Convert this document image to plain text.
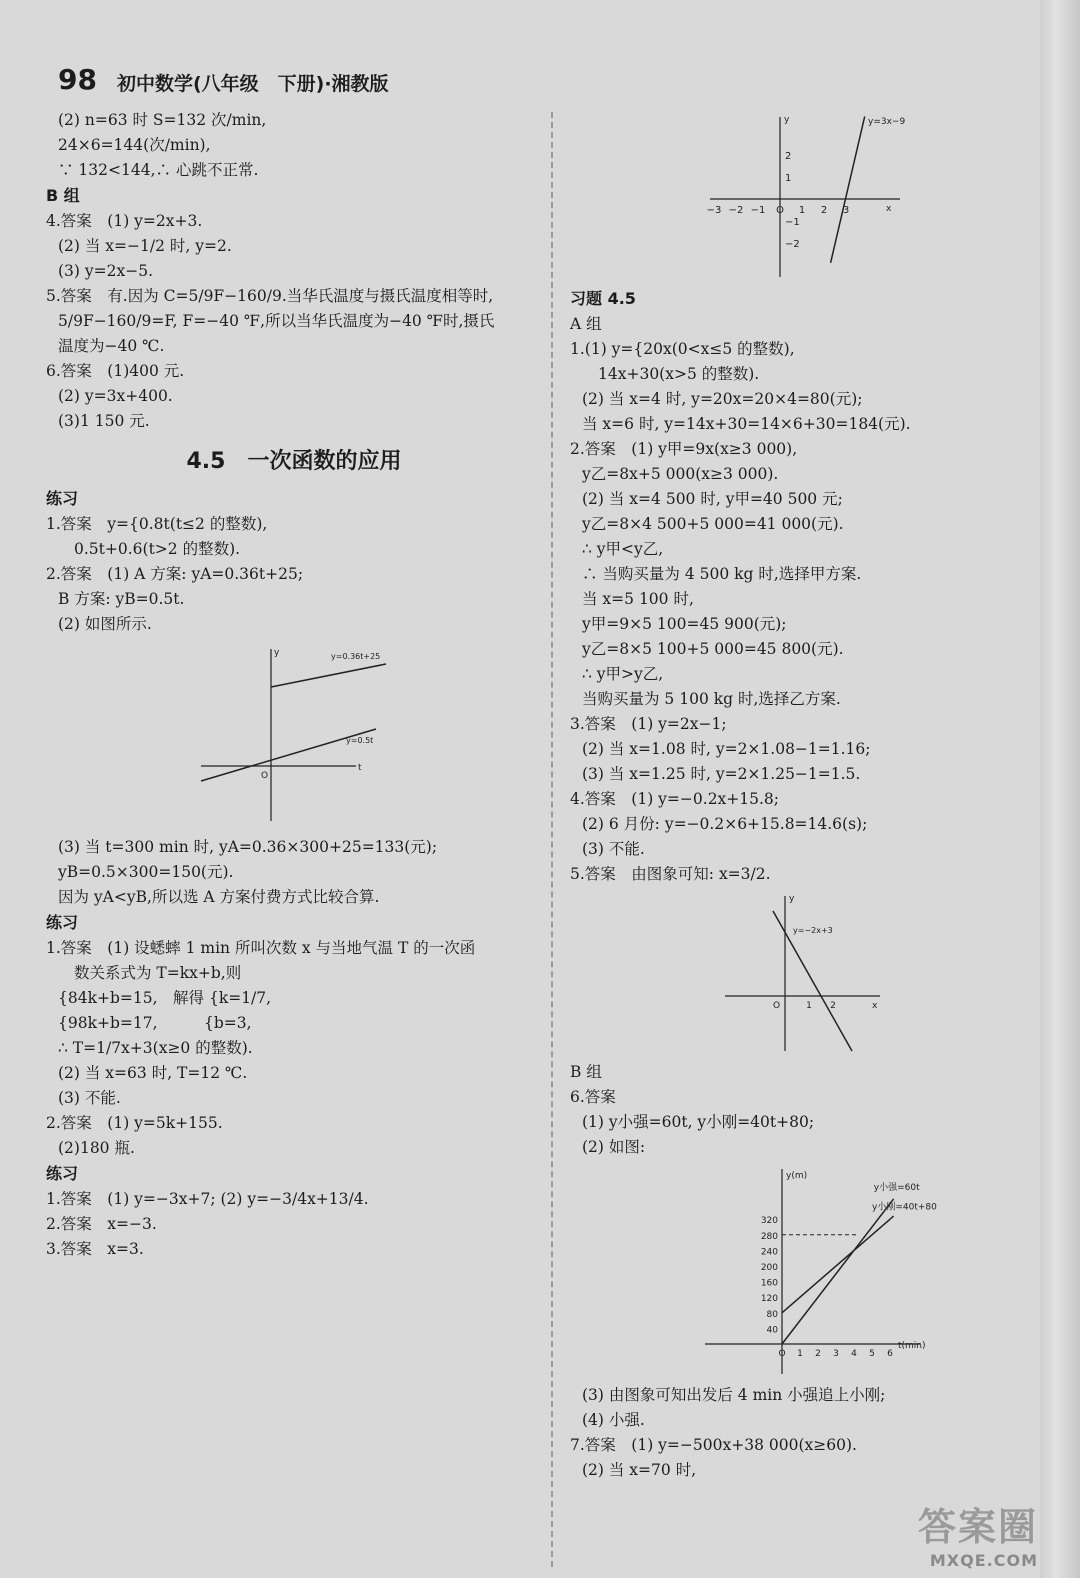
98 初中数学(八年级　下册)·湘教版
(2) n=63 时 S=132 次/min,
24×6=144(次/min),
∵ 132<144,∴ 心跳不正常.
B 组
4.答案　(1) y=2x+3.
(2) 当 x=−1/2 时, y=2.
(3) y=2x−5.
5.答案　有.因为 C=5/9F−160/9.当华氏温度与摄氏温度相等时,
5/9F−160/9=F, F=−40 ℉,所以当华氏温度为−40 ℉时,摄氏
温度为−40 ℃.
6.答案　(1)400 元.
(2) y=3x+400.
(3)1 150 元.
4.5　一次函数的应用
练习
1.答案　y={0.8t(t≤2 的整数),
0.5t+0.6(t>2 的整数).
2.答案　(1) A 方案: yA=0.36t+25;
B 方案: yB=0.5t.
(2) 如图所示.
y
t
O
y=0.36t+25
y=0.5t
(3) 当 t=300 min 时, yA=0.36×300+25=133(元);
yB=0.5×300=150(元).
因为 yA<yB,所以选 A 方案付费方式比较合算.
练习
1.答案　(1) 设蟋蟀 1 min 所叫次数 x 与当地气温 T 的一次函
数关系式为 T=kx+b,则
{84k+b=15,　解得 {k=1/7,
{98k+b=17,　　　{b=3,
∴ T=1/7x+3(x≥0 的整数).
(2) 当 x=63 时, T=12 ℃.
(3) 不能.
2.答案　(1) y=5k+155.
(2)180 瓶.
练习
1.答案　(1) y=−3x+7; (2) y=−3/4x+13/4.
2.答案　x=−3.
3.答案　x=3.
y
x
−3 −2 −1 O 1 2 3
2
1
−1
−2
y=3x−9
习题 4.5
A 组
1.(1) y={20x(0<x≤5 的整数),
14x+30(x>5 的整数).
(2) 当 x=4 时, y=20x=20×4=80(元);
当 x=6 时, y=14x+30=14×6+30=184(元).
2.答案　(1) y甲=9x(x≥3 000),
y乙=8x+5 000(x≥3 000).
(2) 当 x=4 500 时, y甲=40 500 元;
y乙=8×4 500+5 000=41 000(元).
∴ y甲<y乙,
∴ 当购买量为 4 500 kg 时,选择甲方案.
当 x=5 100 时,
y甲=9×5 100=45 900(元);
y乙=8×5 100+5 000=45 800(元).
∴ y甲>y乙,
当购买量为 5 100 kg 时,选择乙方案.
3.答案　(1) y=2x−1;
(2) 当 x=1.08 时, y=2×1.08−1=1.16;
(3) 当 x=1.25 时, y=2×1.25−1=1.5.
4.答案　(1) y=−0.2x+15.8;
(2) 6 月份: y=−0.2×6+15.8=14.6(s);
(3) 不能.
5.答案　由图象可知: x=3/2.
y
x
O	1 2
y=−2x+3
B 组
6.答案
(1) y小强=60t, y小刚=40t+80;
(2) 如图:
y(m)
t(min)
320
280
240
200
160
120
80
40
O 1 2 3 4 5 6
y小强=60t
y小刚=40t+80
(3) 由图象可知出发后 4 min 小强追上小刚;
(4) 小强.
7.答案　(1) y=−500x+38 000(x≥60).
(2) 当 x=70 时,
答案圈
MXQE.COM
